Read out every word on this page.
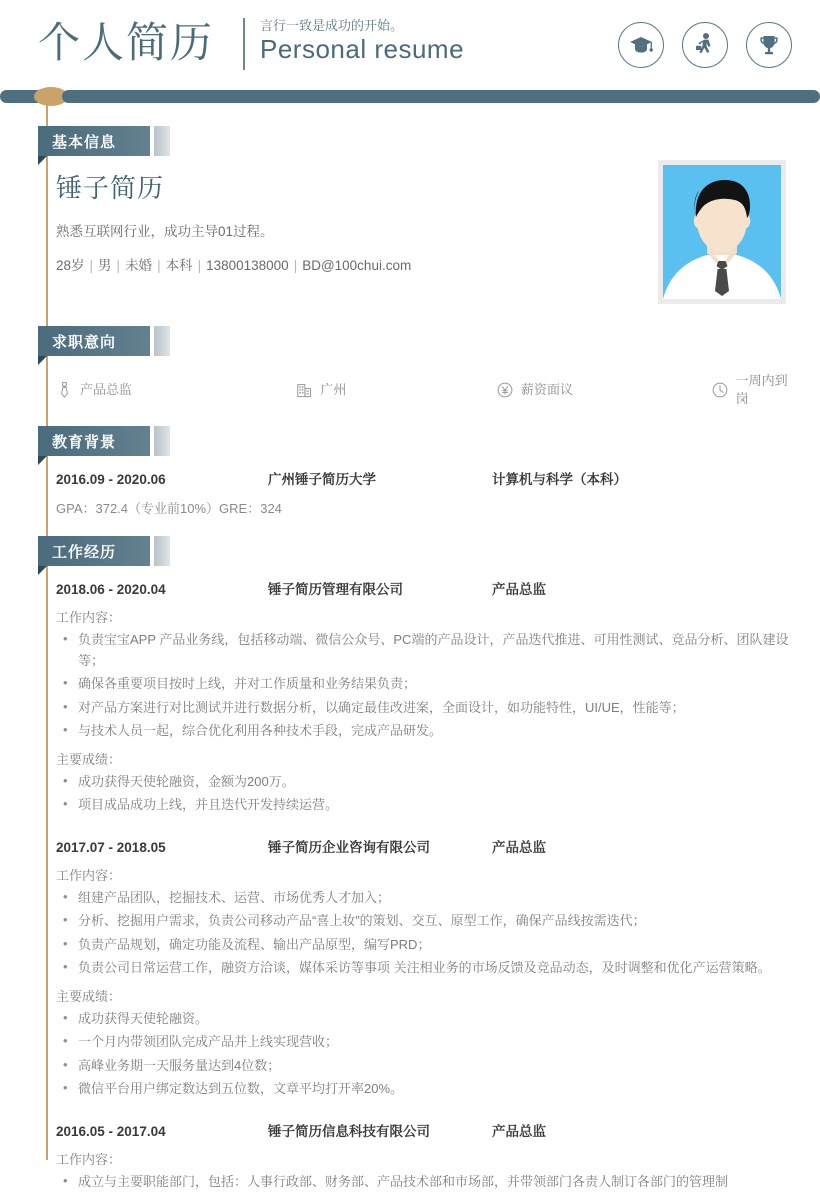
个人简历	言行一致是成功的开始。
Personal resume
基本信息
锤子简历
熟悉互联网行业，成功主导01过程。
28岁 | 男 | 未婚 | 本科 | 13800138000 | BD@100chui.com
求职意向
产品总监	广州	薪资面议
一周内到岗
教育背景
2016.09 - 2020.06	广州锤子简历大学	计算机与科学（本科）
GPA：372.4（专业前10%）GRE：324
工作经历
2018.06 - 2020.04	锤子简历管理有限公司	产品总监
工作内容：
• 负责宝宝APP 产品业务线，包括移动端、微信公众号、PC端的产品设计，产品迭代推进、可用性测试、竞品分析、团队建设等；
• 确保各重要项目按时上线，并对工作质量和业务结果负责；
• 对产品方案进行对比测试并进行数据分析，以确定最佳改进案，全面设计，如功能特性，UI/UE，性能等；
• 与技术人员一起，综合优化利用各种技术手段，完成产品研发。
主要成绩：
• 成功获得天使轮融资，金额为200万。
• 项目成品成功上线，并且迭代开发持续运营。
2017.07 - 2018.05	锤子简历企业咨询有限公司	产品总监
工作内容：
• 组建产品团队，挖掘技术、运营、市场优秀人才加入；
• 分析、挖掘用户需求，负责公司移动产品“喜上妆”的策划、交互、原型工作，确保产品线按需迭代；
• 负责产品规划，确定功能及流程、输出产品原型，编写PRD；
• 负责公司日常运营工作，融资方洽谈，媒体采访等事项 关注相业务的市场反馈及竞品动态，及时调整和优化产运营策略。
主要成绩：
• 成功获得天使轮融资。
• 一个月内带领团队完成产品并上线实现营收；
• 高峰业务期一天服务量达到4位数；
• 微信平台用户绑定数达到五位数，文章平均打开率20%。
2016.05 - 2017.04	锤子简历信息科技有限公司	产品总监
工作内容：
• 成立与主要职能部门，包括：人事行政部、财务部、产品技术部和市场部，并带领部门各责人制订各部门的管理制
